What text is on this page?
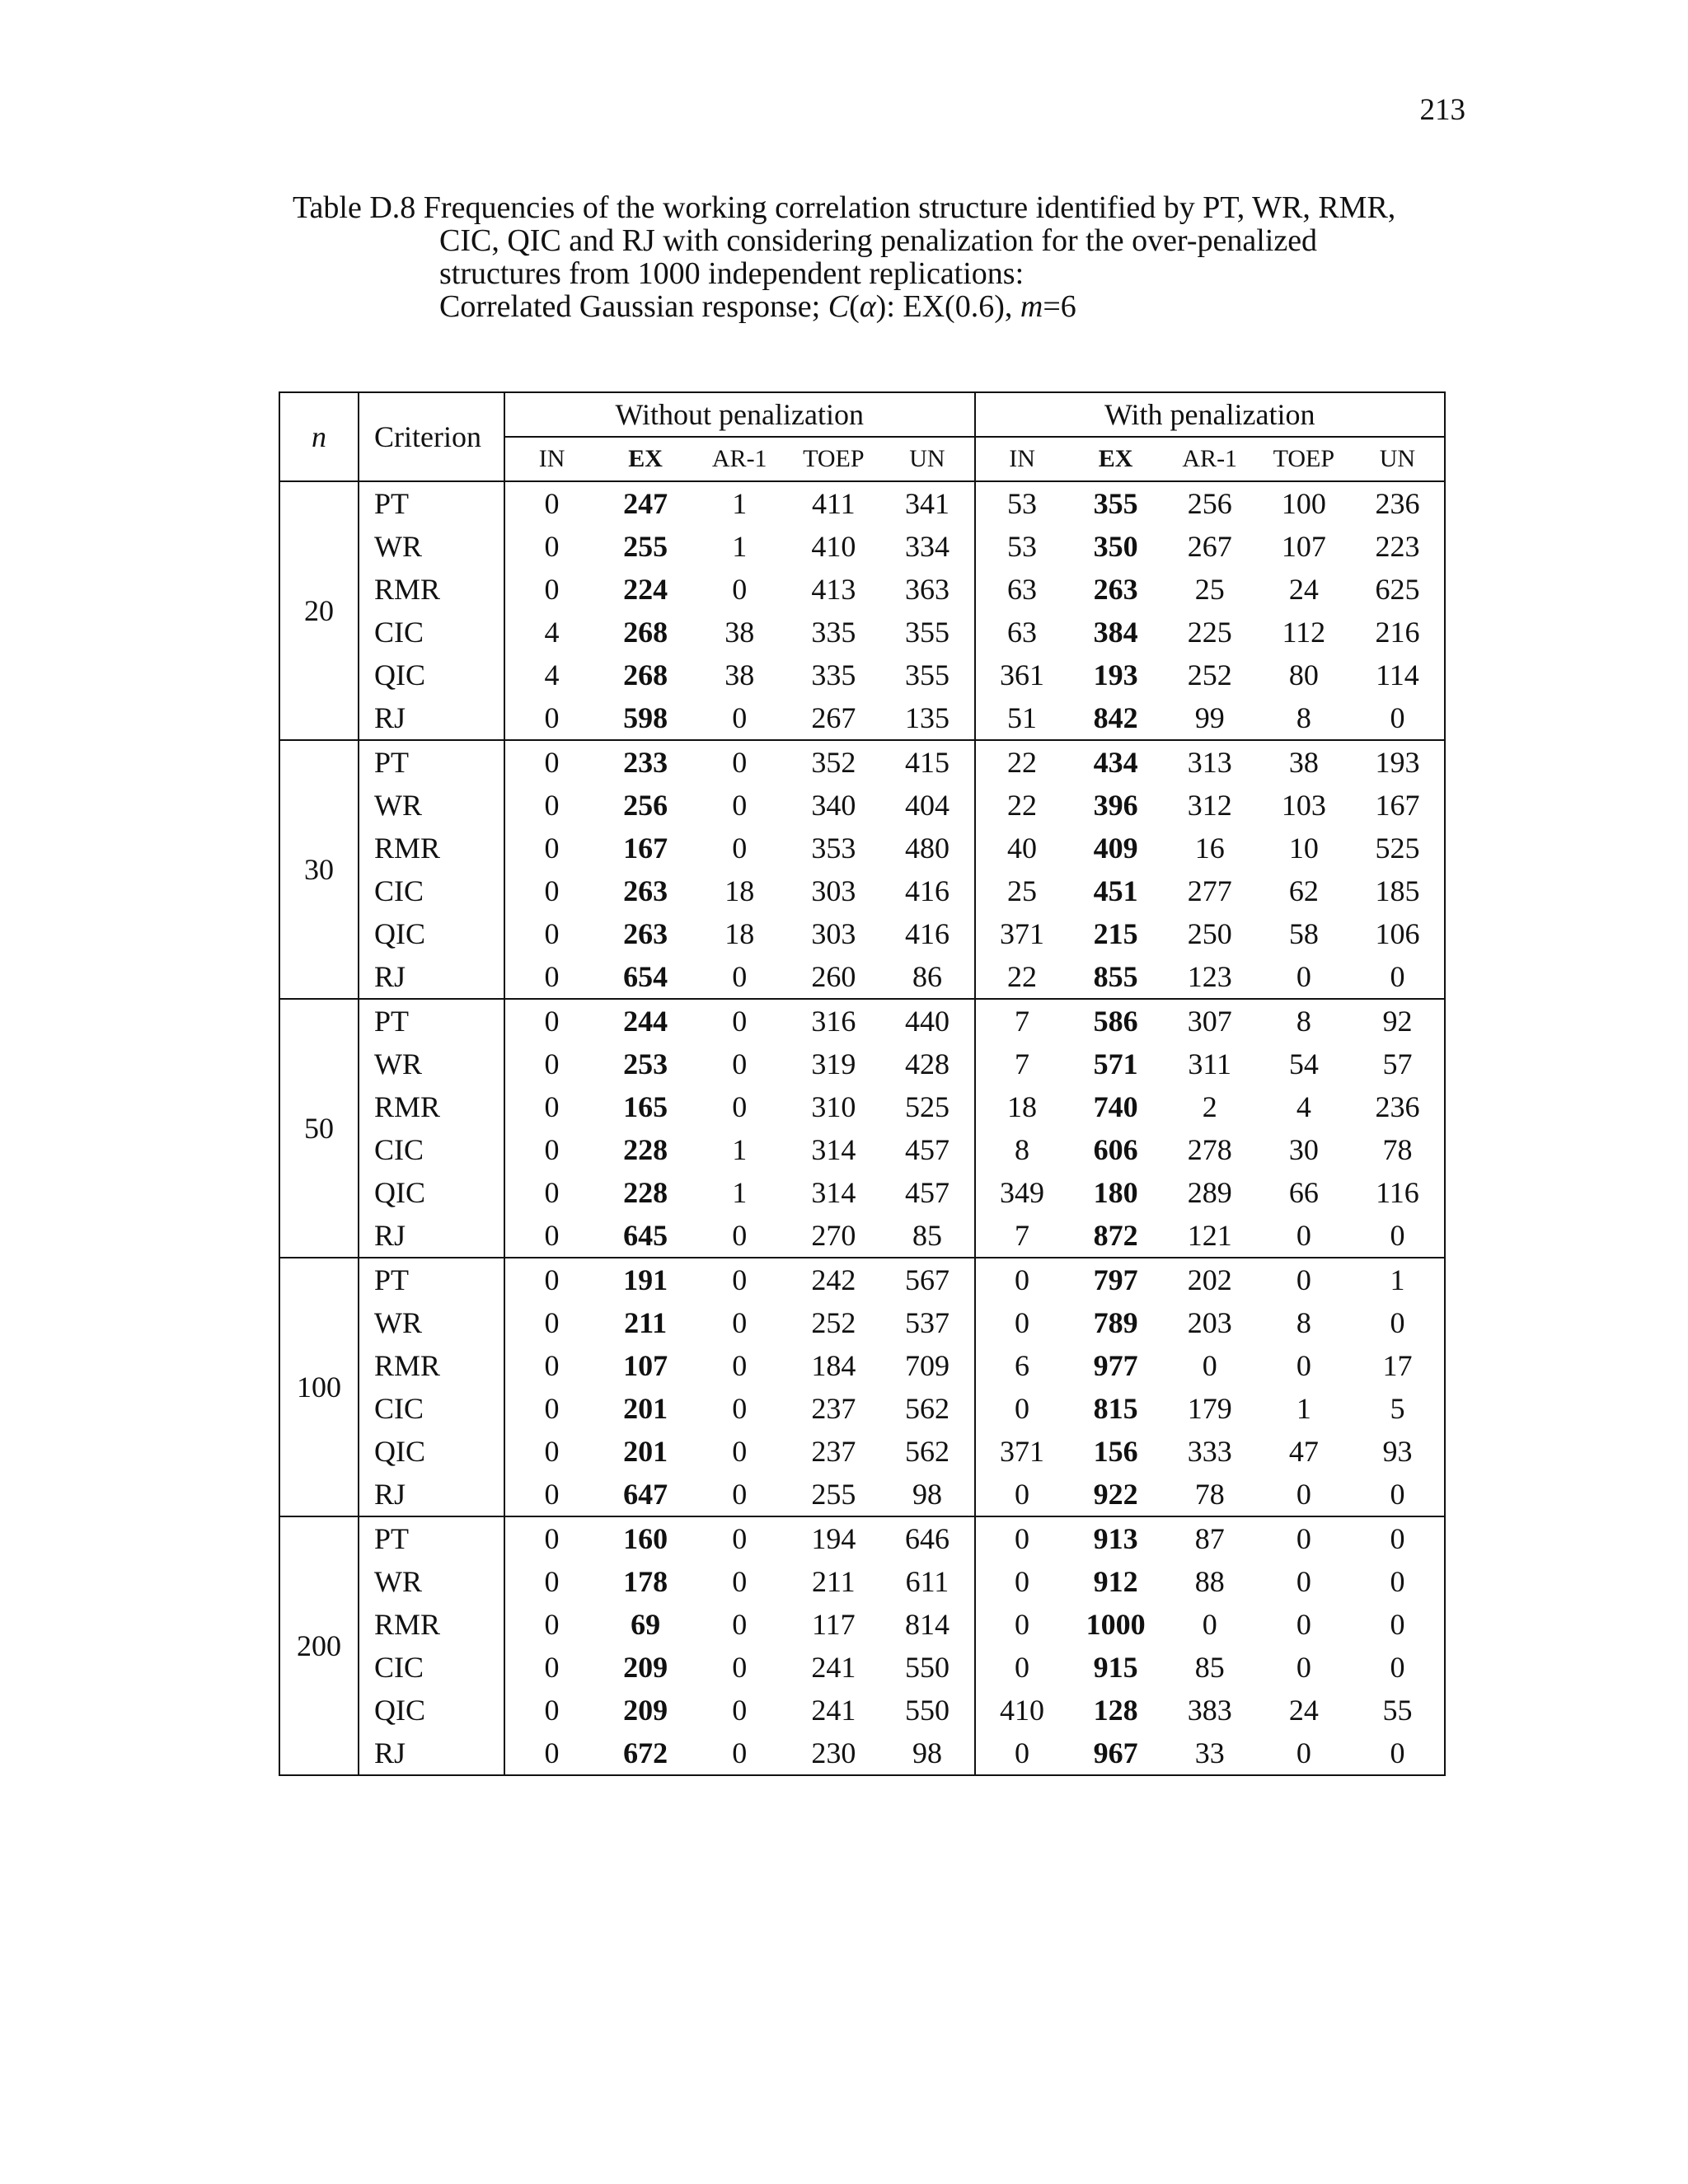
213
Table D.8 Frequencies of the working correlation structure identified by PT, WR, RMR,
CIC, QIC and RJ with considering penalization for the over-penalized
structures from 1000 independent replications:
Correlated Gaussian response; C(α): EX(0.6), m=6
n	Criterion	Without penalization					With penalization				
		IN	EX	AR-1	TOEP	UN	IN	EX	AR-1	TOEP	UN
20	PT	0	247	1	411	341	53	355	256	100	236
	WR	0	255	1	410	334	53	350	267	107	223
	RMR	0	224	0	413	363	63	263	25	24	625
	CIC	4	268	38	335	355	63	384	225	112	216
	QIC	4	268	38	335	355	361	193	252	80	114
	RJ	0	598	0	267	135	51	842	99	8	0
30	PT	0	233	0	352	415	22	434	313	38	193
	WR	0	256	0	340	404	22	396	312	103	167
	RMR	0	167	0	353	480	40	409	16	10	525
	CIC	0	263	18	303	416	25	451	277	62	185
	QIC	0	263	18	303	416	371	215	250	58	106
	RJ	0	654	0	260	86	22	855	123	0	0
50	PT	0	244	0	316	440	7	586	307	8	92
	WR	0	253	0	319	428	7	571	311	54	57
	RMR	0	165	0	310	525	18	740	2	4	236
	CIC	0	228	1	314	457	8	606	278	30	78
	QIC	0	228	1	314	457	349	180	289	66	116
	RJ	0	645	0	270	85	7	872	121	0	0
100	PT	0	191	0	242	567	0	797	202	0	1
	WR	0	211	0	252	537	0	789	203	8	0
	RMR	0	107	0	184	709	6	977	0	0	17
	CIC	0	201	0	237	562	0	815	179	1	5
	QIC	0	201	0	237	562	371	156	333	47	93
	RJ	0	647	0	255	98	0	922	78	0	0
200	PT	0	160	0	194	646	0	913	87	0	0
	WR	0	178	0	211	611	0	912	88	0	0
	RMR	0	69	0	117	814	0	1000	0	0	0
	CIC	0	209	0	241	550	0	915	85	0	0
	QIC	0	209	0	241	550	410	128	383	24	55
	RJ	0	672	0	230	98	0	967	33	0	0
